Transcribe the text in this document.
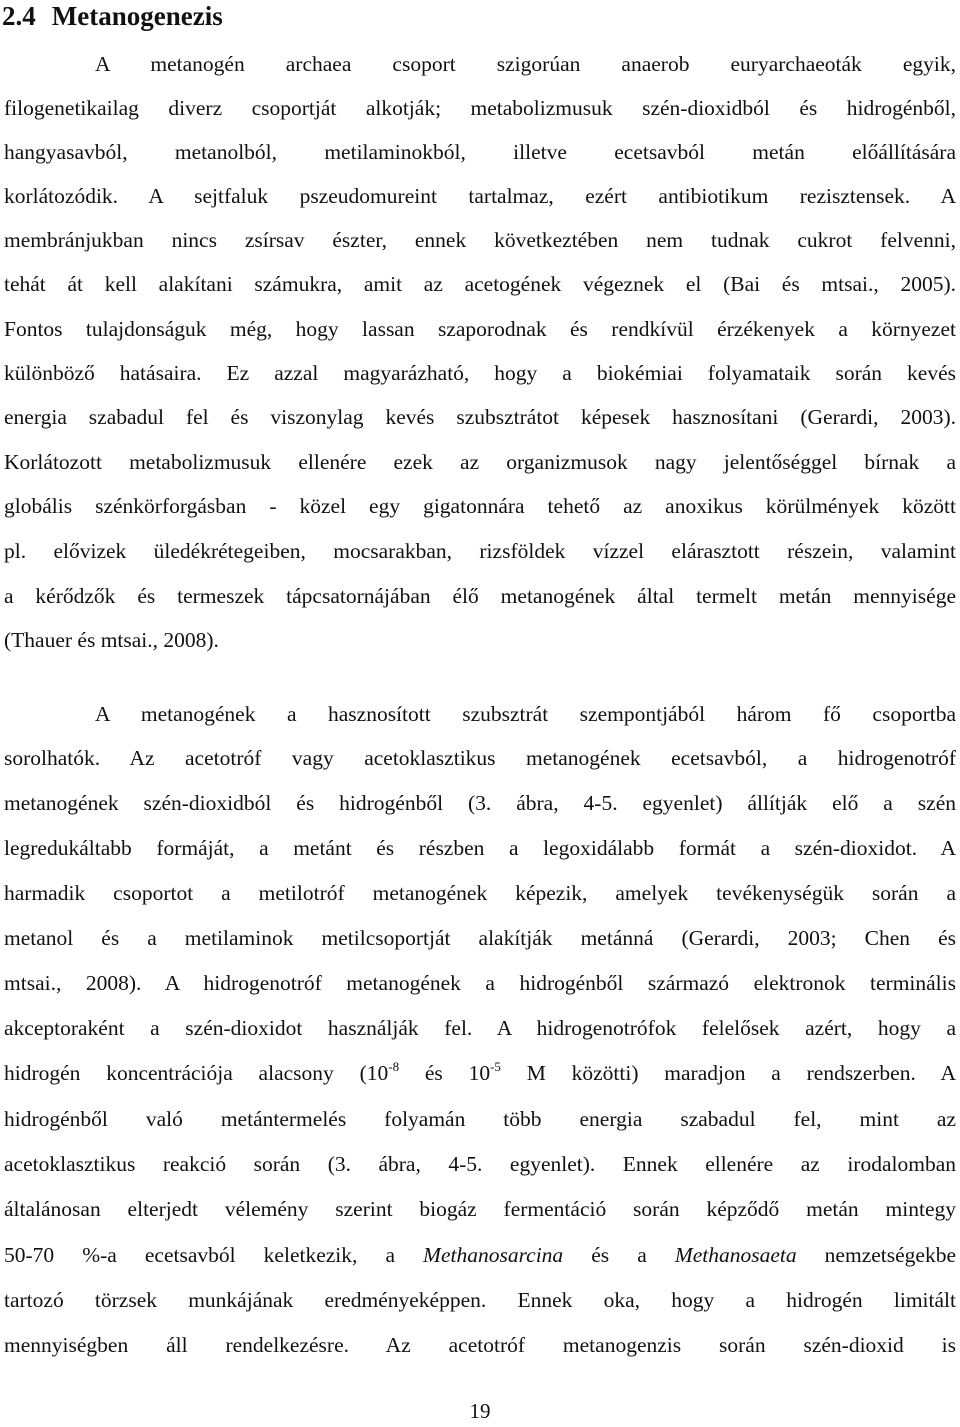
2.4 Metanogenezis
A metanogén archaea csoport szigorúan anaerob euryarchaeoták egyik,
filogenetikailag diverz csoportját alkotják; metabolizmusuk szén-dioxidból és hidrogénből,
hangyasavból, metanolból, metilaminokból, illetve ecetsavból metán előállítására
korlátozódik. A sejtfaluk pszeudomureint tartalmaz, ezért antibiotikum rezisztensek. A
membránjukban nincs zsírsav észter, ennek következtében nem tudnak cukrot felvenni,
tehát át kell alakítani számukra, amit az acetogének végeznek el (Bai és mtsai., 2005).
Fontos tulajdonságuk még, hogy lassan szaporodnak és rendkívül érzékenyek a környezet
különböző hatásaira. Ez azzal magyarázható, hogy a biokémiai folyamataik során kevés
energia szabadul fel és viszonylag kevés szubsztrátot képesek hasznosítani (Gerardi, 2003).
Korlátozott metabolizmusuk ellenére ezek az organizmusok nagy jelentőséggel bírnak a
globális szénkörforgásban - közel egy gigatonnára tehető az anoxikus körülmények között
pl. elővizek üledékrétegeiben, mocsarakban, rizsföldek vízzel elárasztott részein, valamint
a kérődzők és termeszek tápcsatornájában élő metanogének által termelt metán mennyisége
(Thauer és mtsai., 2008).
A metanogének a hasznosított szubsztrát szempontjából három fő csoportba
sorolhatók. Az acetotróf vagy acetoklasztikus metanogének ecetsavból, a hidrogenotróf
metanogének szén-dioxidból és hidrogénből (3. ábra, 4-5. egyenlet) állítják elő a szén
legredukáltabb formáját, a metánt és részben a legoxidálabb formát a szén-dioxidot. A
harmadik csoportot a metilotróf metanogének képezik, amelyek tevékenységük során a
metanol és a metilaminok metilcsoportját alakítják metánná (Gerardi, 2003; Chen és
mtsai., 2008). A hidrogenotróf metanogének a hidrogénből származó elektronok terminális
akceptoraként a szén-dioxidot használják fel. A hidrogenotrófok felelősek azért, hogy a
hidrogén koncentrációja alacsony ($10^{-8}$ és $10^{-5}$ M közötti) maradjon a rendszerben. A
hidrogénből való metántermelés folyamán több energia szabadul fel, mint az
acetoklasztikus reakció során (3. ábra, 4-5. egyenlet). Ennek ellenére az irodalomban
általánosan elterjedt vélemény szerint biogáz fermentáció során képződő metán mintegy
50-70 %-a ecetsavból keletkezik, a Methanosarcina és a Methanosaeta nemzetségekbe
tartozó törzsek munkájának eredményeképpen. Ennek oka, hogy a hidrogén limitált
mennyiségben áll rendelkezésre. Az acetotróf metanogenzis során szén-dioxid is
19
